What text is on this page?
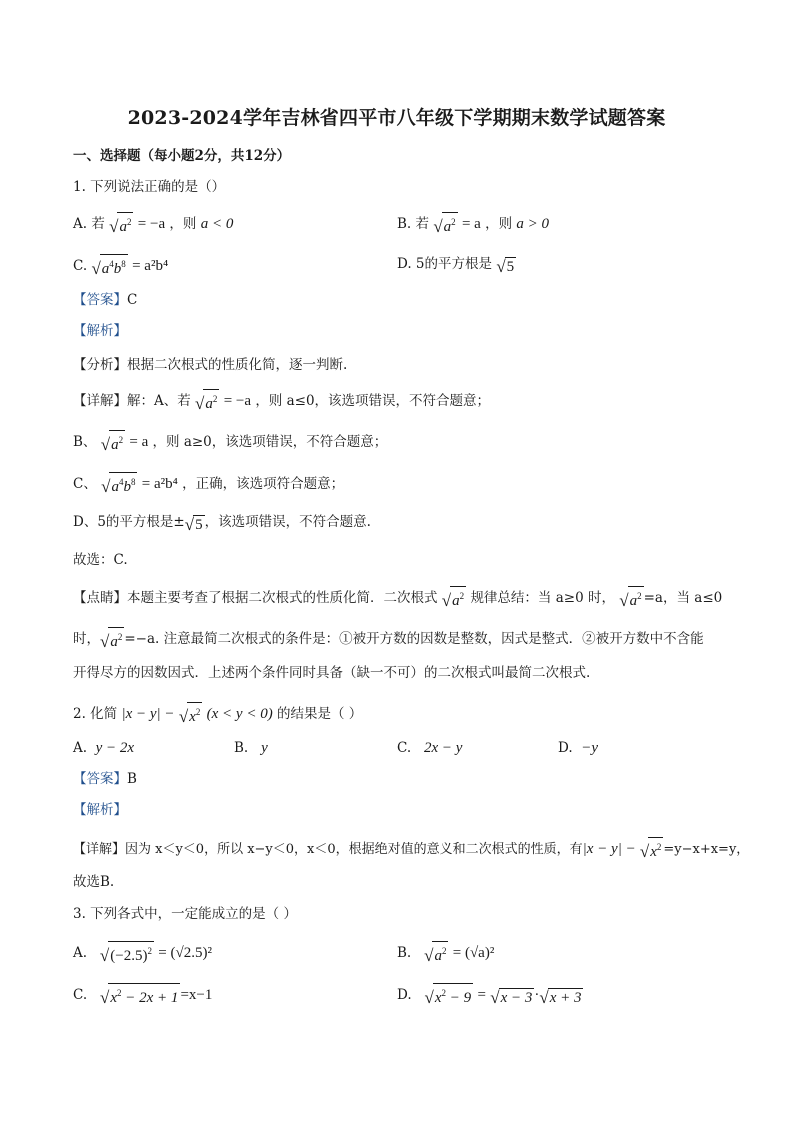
2023-2024学年吉林省四平市八年级下学期期末数学试题答案
一、选择题（每小题2分，共12分）
1. 下列说法正确的是（）
A. 若 √ $a^2 = -a$ ，则 a < 0	B. 若 √ $a^2 = a$ ，则 a > 0
C. √ $a^4b^8 = a^2b^4$	D. 5的平方根是 √ 5
【答案】C
【解析】
【分析】根据二次根式的性质化简，逐一判断.
【详解】解：A、若 √ $a^2 = -a$ ，则 a≤0，该选项错误，不符合题意；
B、 √ $a^2 = a$ ，则 a≥0，该选项错误，不符合题意；
C、 √ $a^4b^8 = a^2b^4$ ，正确，该选项符合题意；
D、5的平方根是± √ 5 ，该选项错误，不符合题意.
故选：C.
【点睛】本题主要考查了根据二次根式的性质化简．二次根式 √ $a^2$ 规律总结：当 a≥0 时， √ $a^2 =a$，当 a≤0
时， √ $a^2 =-a$. 注意最简二次根式的条件是：①被开方数的因数是整数，因式是整式．②被开方数中不含能
开得尽方的因数因式．上述两个条件同时具备（缺一不可）的二次根式叫最简二次根式.
2. 化简 |x − y| − √ $x^2$ (x < y < 0) 的结果是（ ）
A. y − 2x	B. y	C. 2x − y	D. −y
【答案】B
【解析】
【详解】因为 x＜y＜0，所以 x−y＜0，x＜0，根据绝对值的意义和二次根式的性质，有|x − y| − √ $x^2 =y-x+x=y$，
故选B.
3. 下列各式中，一定能成立的是（ ）
A. √ $(-2.5)^2 = (√2.5)^2$	B. √ $a^2 = (√a)^2$
C. √ $x^2 - 2x + 1 =x-1$	D. √ $x^2 - 9$ = √ x − 3 · √ x + 3
